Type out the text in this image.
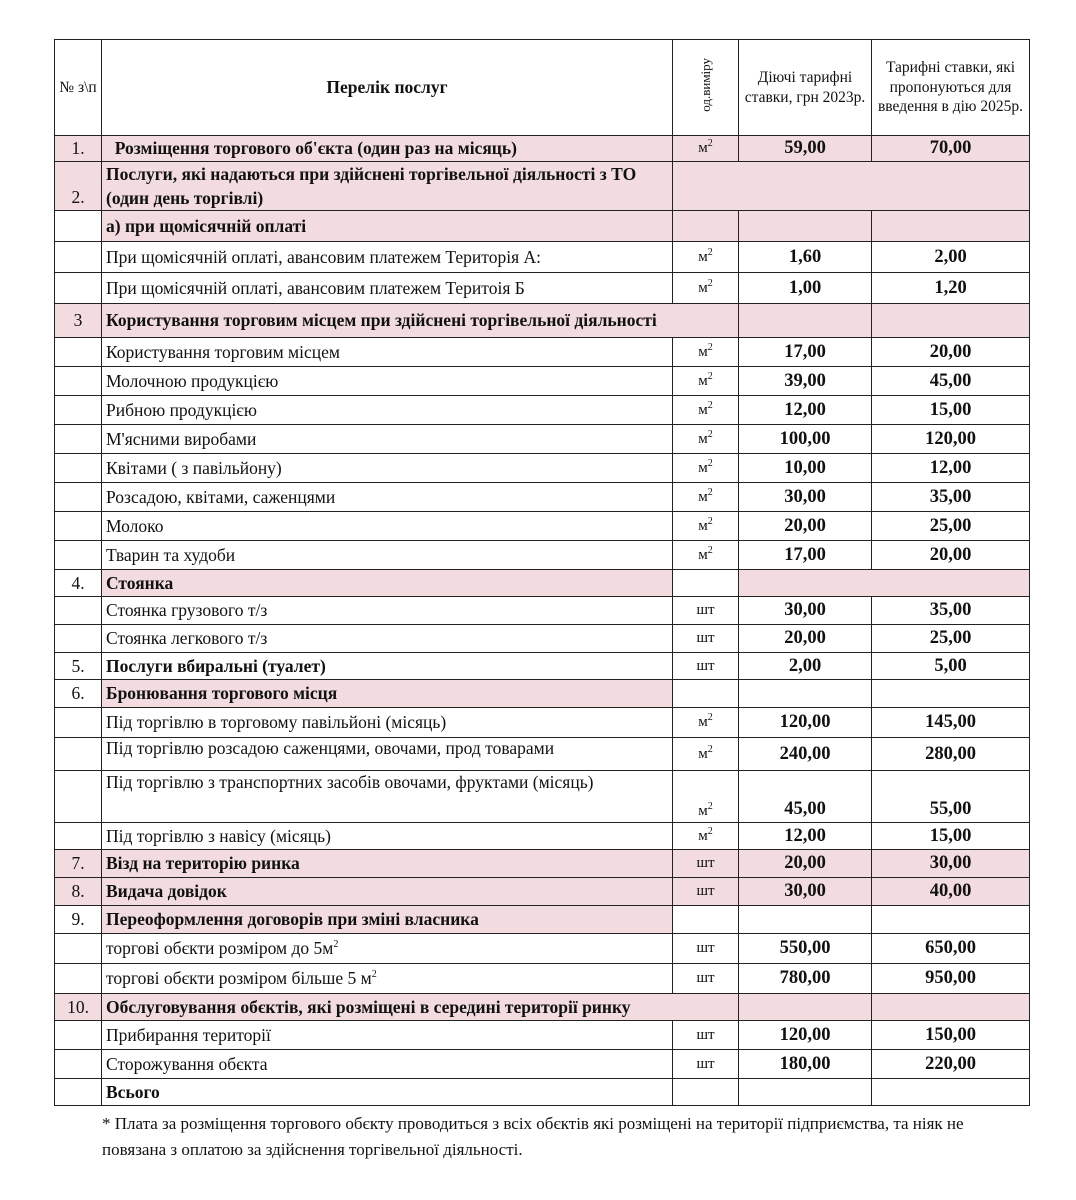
№ з\п	Перелік послуг	од.виміру	Діючі тарифні ставки, грн 2023р.	Тарифні ставки, які пропонуються для введення в дію 2025р.
1.	Розміщення торгового об'єкта (один раз на місяць)	$м^2$	59,00	70,00
2.	Послуги, які надаються при здійснені торгівельної діяльності з ТО (один день торгівлі)			
	а) при щомісячній оплаті			
	При щомісячній оплаті, авансовим платежем Територія А:	$м^2$	1,60	2,00
	При щомісячній оплаті, авансовим платежем Теритоія Б	$м^2$	1,00	1,20
3	Користування торговим місцем при здійснені торгівельної діяльності			
	Користування торговим місцем	$м^2$	17,00	20,00
	Молочною продукцією	$м^2$	39,00	45,00
	Рибною продукцією	$м^2$	12,00	15,00
	М'ясними виробами	$м^2$	100,00	120,00
	Квітами ( з павільйону)	$м^2$	10,00	12,00
	Розсадою, квітами, саженцями	$м^2$	30,00	35,00
	Молоко	$м^2$	20,00	25,00
	Тварин та худоби	$м^2$	17,00	20,00
4.	Стоянка			
	Стоянка грузового т/з	шт	30,00	35,00
	Стоянка легкового т/з	шт	20,00	25,00
5.	Послуги вбиральні (туалет)	шт	2,00	5,00
6.	Бронювання торгового місця			
	Під торгівлю в торговому павільйоні (місяць)	$м^2$	120,00	145,00
	Під торгівлю розсадою саженцями, овочами, прод товарами	$м^2$	240,00	280,00
	Під торгівлю з транспортних засобів овочами, фруктами (місяць)	$м^2$	45,00	55,00
	Під торгівлю з навісу (місяць)	$м^2$	12,00	15,00
7.	Візд на територію ринка	шт	20,00	30,00
8.	Видача довідок	шт	30,00	40,00
9.	Переоформлення договорів при зміні власника			
	торгові обєкти розміром до $5м^2$	шт	550,00	650,00
	торгові обєкти розміром більше 5 $м^2$	шт	780,00	950,00
10.	Обслуговування обєктів, які розміщені в середині території ринку			
	Прибирання території	шт	120,00	150,00
	Сторожування обєкта	шт	180,00	220,00
	Всього			
* Плата за розміщення торгового обєкту проводиться з всіх обєктів які розміщені на території підприємства, та ніяк не повязана з оплатою за здійснення торгівельної діяльності.
